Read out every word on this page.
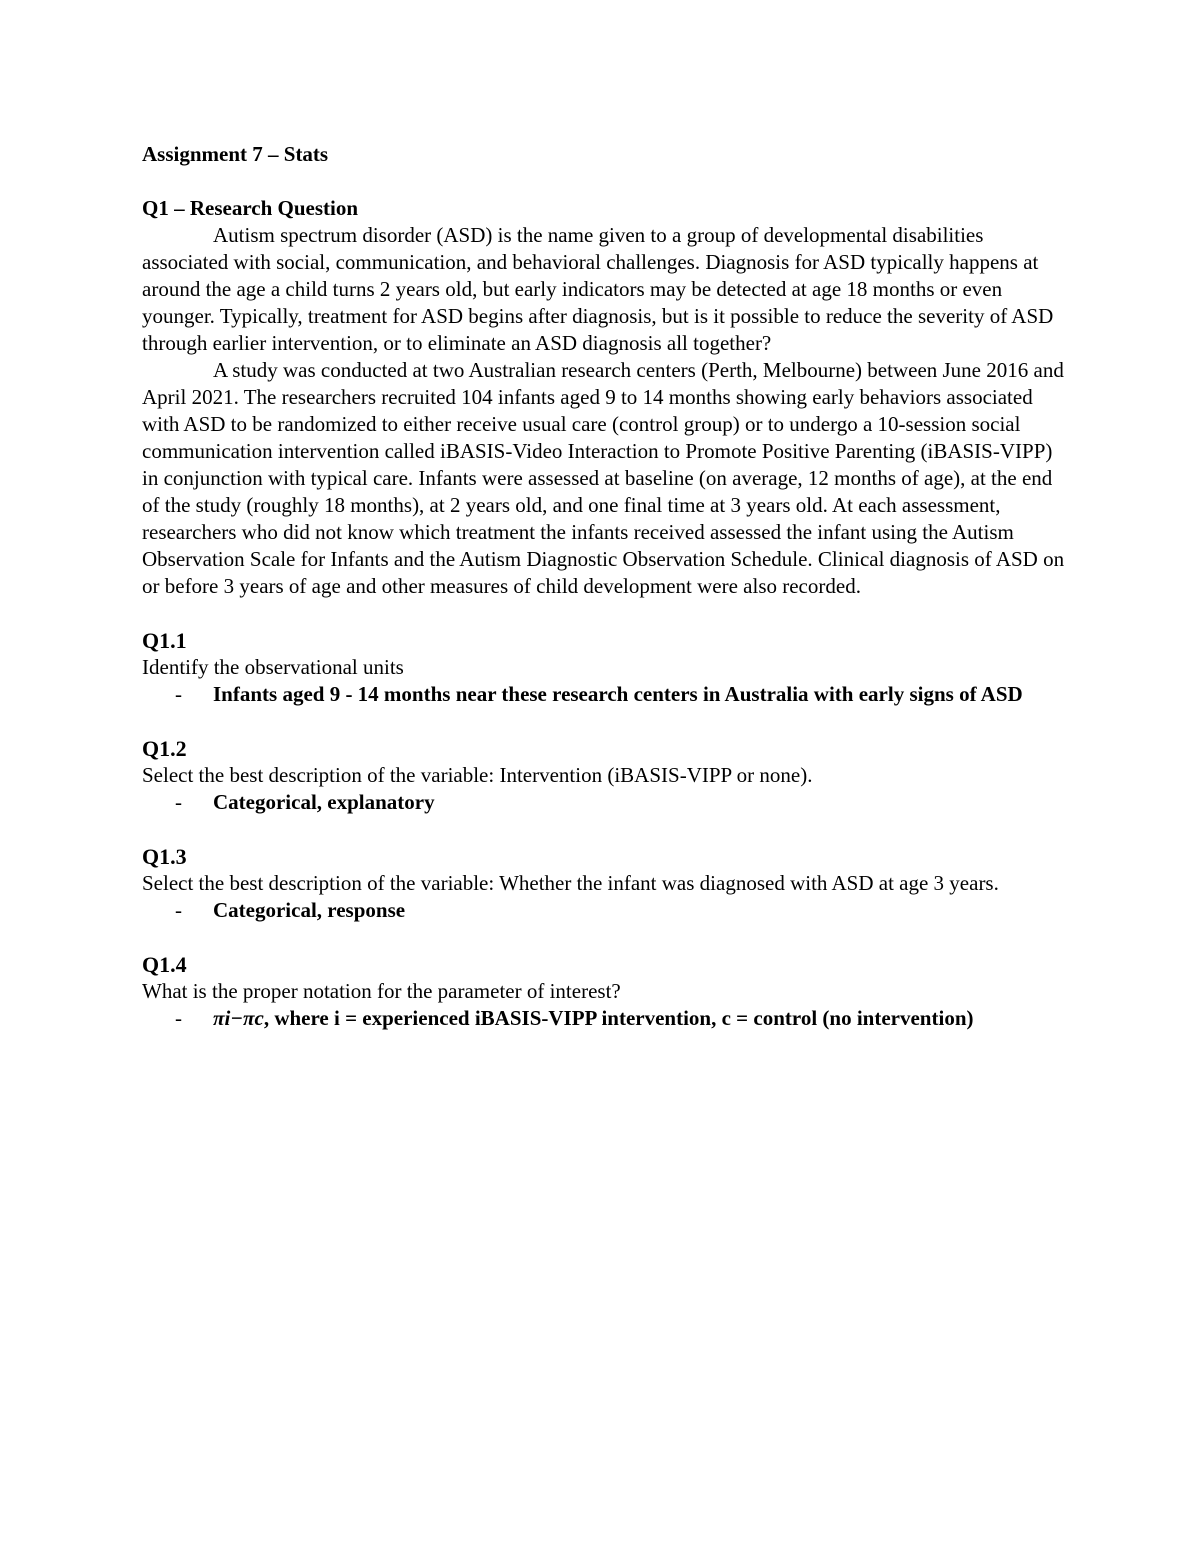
Assignment 7 – Stats

Q1 – Research Question

Autism spectrum disorder (ASD) is the name given to a group of developmental disabilities associated with social, communication, and behavioral challenges. Diagnosis for ASD typically happens at around the age a child turns 2 years old, but early indicators may be detected at age 18 months or even younger. Typically, treatment for ASD begins after diagnosis, but is it possible to reduce the severity of ASD through earlier intervention, or to eliminate an ASD diagnosis all together?

A study was conducted at two Australian research centers (Perth, Melbourne) between June 2016 and April 2021. The researchers recruited 104 infants aged 9 to 14 months showing early behaviors associated with ASD to be randomized to either receive usual care (control group) or to undergo a 10-session social communication intervention called iBASIS-Video Interaction to Promote Positive Parenting (iBASIS-VIPP) in conjunction with typical care. Infants were assessed at baseline (on average, 12 months of age), at the end of the study (roughly 18 months), at 2 years old, and one final time at 3 years old. At each assessment, researchers who did not know which treatment the infants received assessed the infant using the Autism Observation Scale for Infants and the Autism Diagnostic Observation Schedule. Clinical diagnosis of ASD on or before 3 years of age and other measures of child development were also recorded.

Q1.1

Identify the observational units

-	Infants aged 9 - 14 months near these research centers in Australia with early signs of ASD

Q1.2

Select the best description of the variable: Intervention (iBASIS-VIPP or none).

-	Categorical, explanatory

Q1.3

Select the best description of the variable: Whether the infant was diagnosed with ASD at age 3 years.

-	Categorical, response

Q1.4

What is the proper notation for the parameter of interest?

-	πi−πc, where i = experienced iBASIS-VIPP intervention, c = control (no intervention)
